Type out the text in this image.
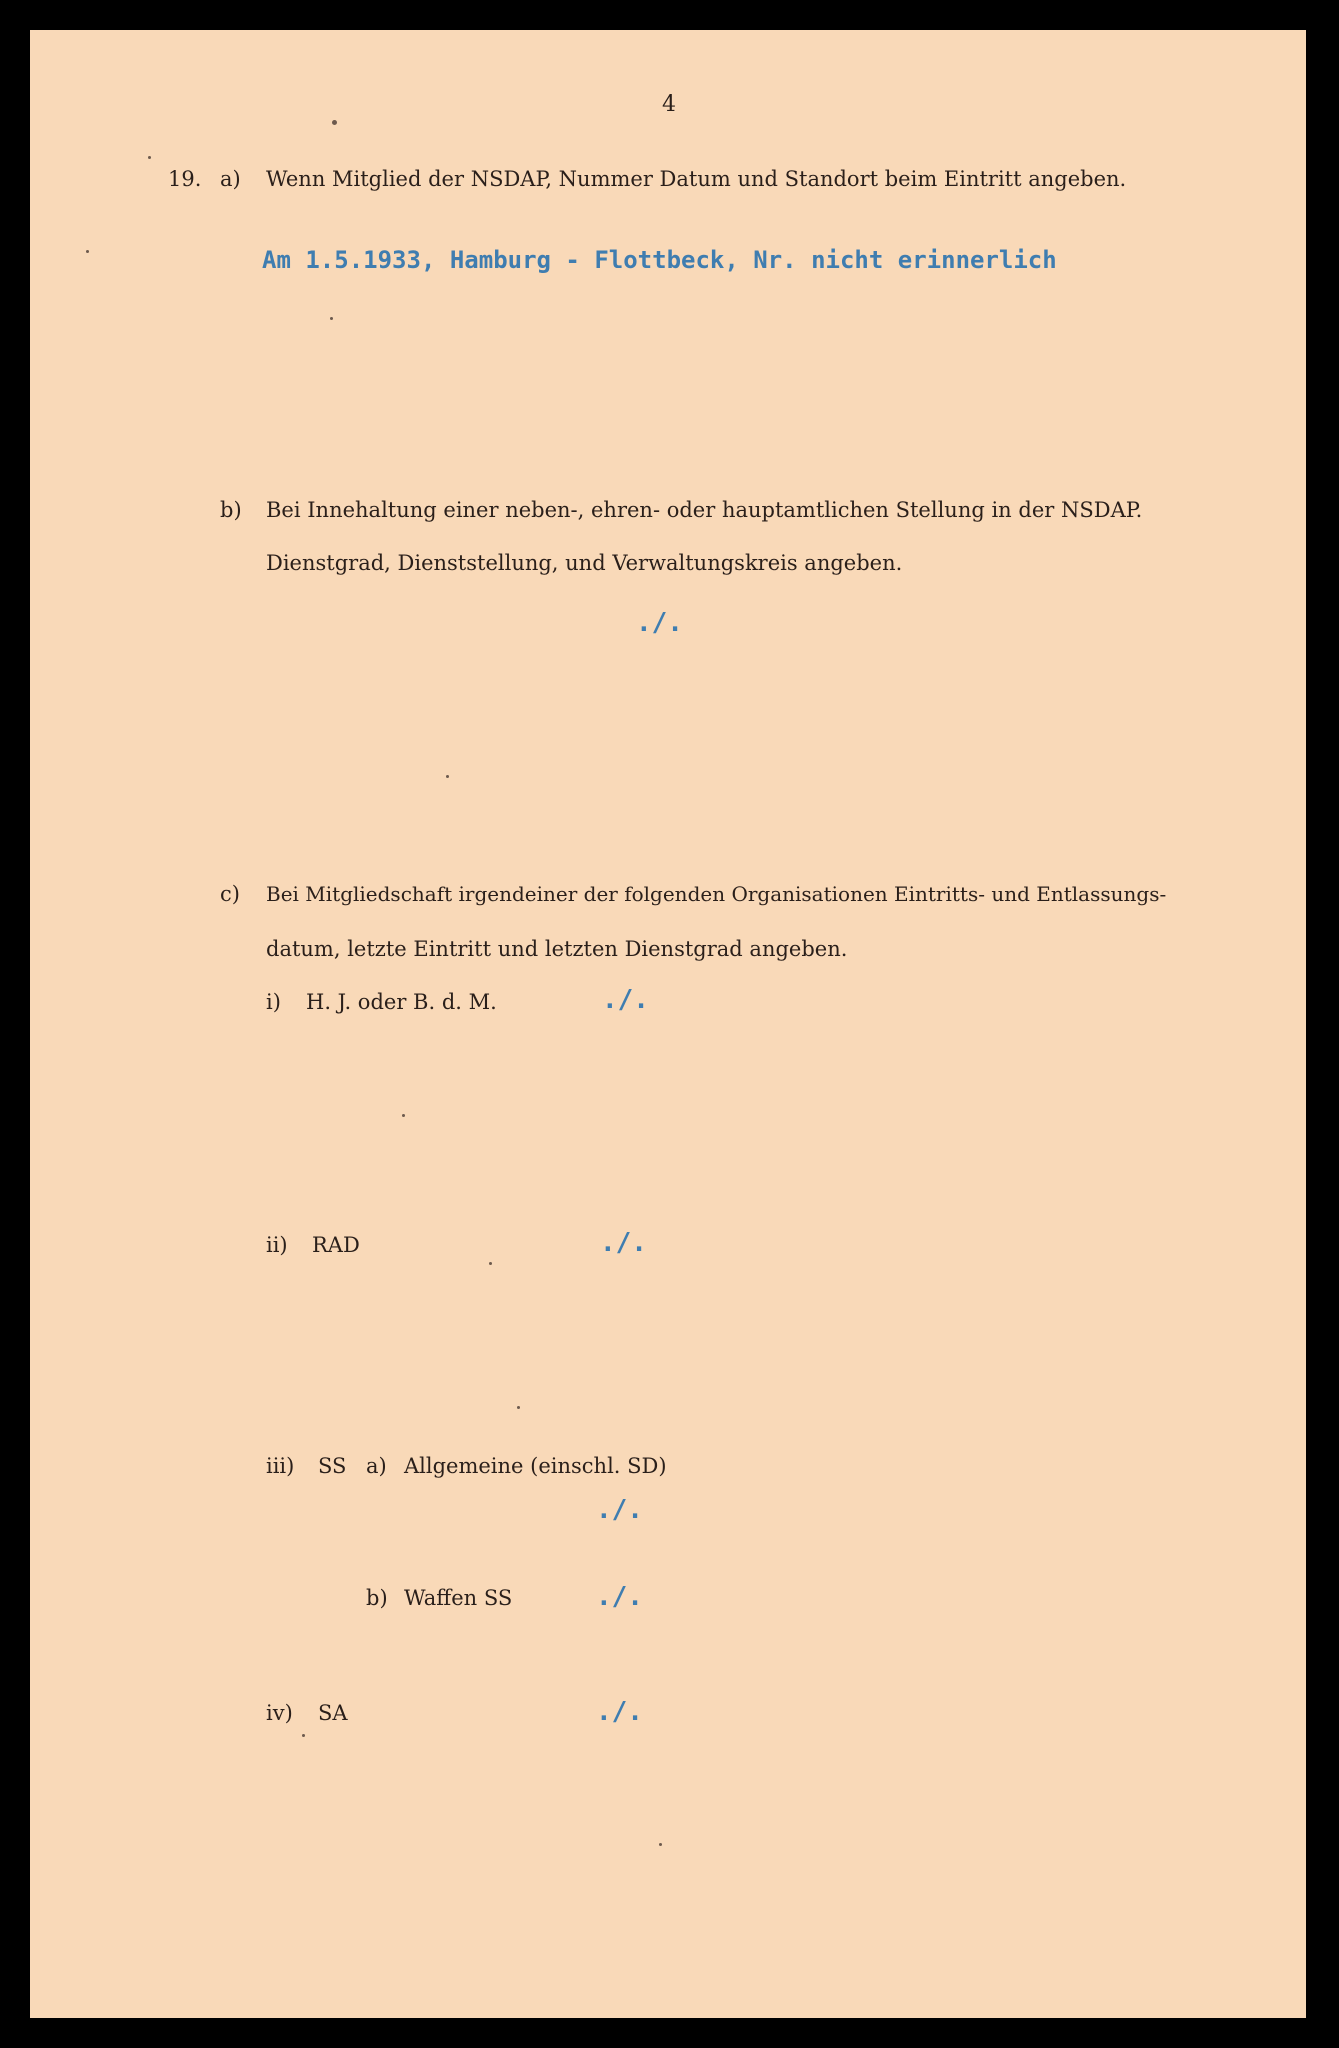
4
19. a) Wenn Mitglied der NSDAP, Nummer Datum und Standort beim Eintritt angeben.
Am 1.5.1933, Hamburg - Flottbeck, Nr. nicht erinnerlich
b) Bei Innehaltung einer neben-, ehren- oder hauptamtlichen Stellung in der NSDAP.
Dienstgrad, Dienststellung, und Verwaltungskreis angeben.
./.
c) Bei Mitgliedschaft irgendeiner der folgenden Organisationen Eintritts- und Entlassungs-
datum, letzte Eintritt und letzten Dienstgrad angeben.
i) H. J. oder B. d. M.	./.
ii) RAD	./.
iii) SS a) Allgemeine (einschl. SD)
./.
b) Waffen SS	./.
iv) SA	./.
